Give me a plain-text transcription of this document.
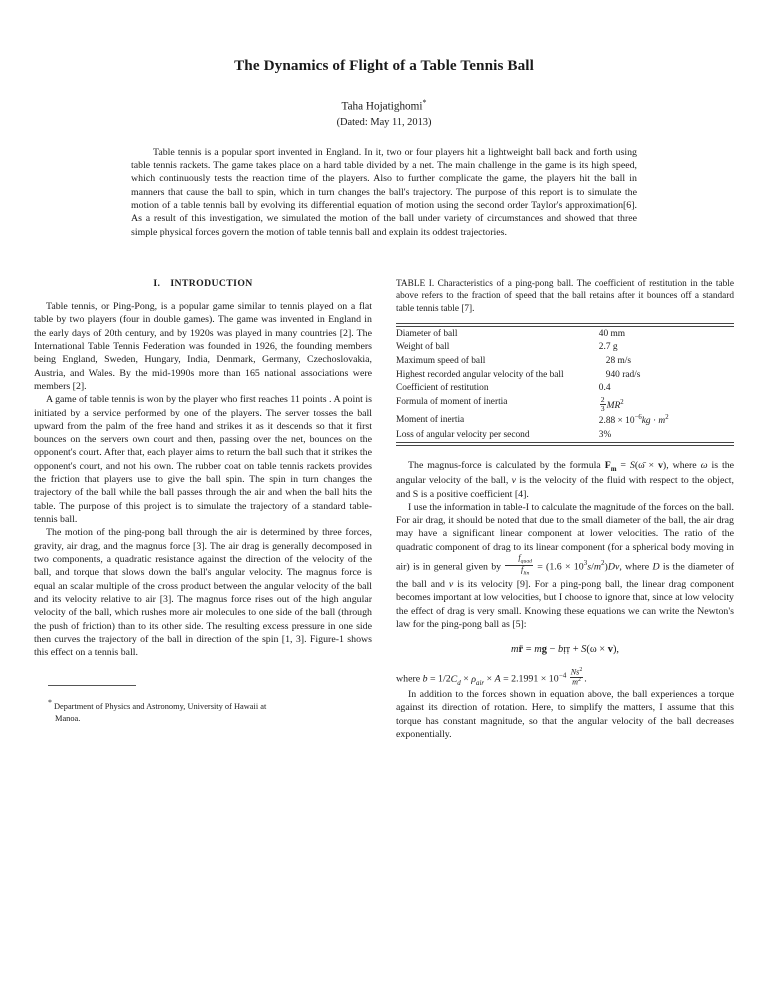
The Dynamics of Flight of a Table Tennis Ball
Taha Hojatighomi*
(Dated: May 11, 2013)
Table tennis is a popular sport invented in England. In it, two or four players hit a lightweight ball back and forth using table tennis rackets. The game takes place on a hard table divided by a net. The main challenge in the game is its high speed, which continuously tests the reaction time of the players. Also to further complicate the game, the players hit the ball in manners that cause the ball to spin, which in turn changes the ball's trajectory. The purpose of this report is to simulate the motion of a table tennis ball by evolving its differential equation of motion using the second order Taylor's approximation[6]. As a result of this investigation, we simulated the motion of the ball under variety of circumstances and showed that three simple physical forces govern the motion of table tennis ball and explain its oddest trajectories.
I. INTRODUCTION

Table tennis, or Ping-Pong, is a popular game similar to tennis played on a flat table by two players (four in double games). The game was invented in England in the early days of 20th century, and by 1920s was played in many countries [2]. The International Table Tennis Federation was founded in 1926, the founding members being England, Sweden, Hungary, India, Denmark, Germany, Czechoslovakia, Austria, and Wales. By the mid-1990s more than 165 national associations were members [2].

A game of table tennis is won by the player who first reaches 11 points . A point is initiated by a service performed by one of the players. The server tosses the ball upward from the palm of the free hand and strikes it as it descends so that it first bounces on the servers own court and then, passing over the net, bounces on the opponent's court. After that, each player aims to return the ball such that it strikes the opponent's court, and not his own. The rubber coat on table tennis rackets provides the friction that players use to give the ball spin. The spin in turn changes the trajectory of the ball while the ball passes through the air and when the ball hits the table. The purpose of this project is to simulate the trajectory of a standard table-tennis ball.

The motion of the ping-pong ball through the air is determined by three forces, gravity, air drag, and the magnus force [3]. The air drag is generally decomposed in two components, a quadratic resistance against the direction of the velocity of the ball, and torque that slows down the ball's angular velocity. The magnus force is equal an scalar multiple of the cross product between the angular velocity of the ball and its velocity relative to air [3]. The magnus force rises out of the high angular velocity of the ball, which rushes more air molecules to one side of the ball (through the push of friction) than to its other side. The resulting excess pressure in one side then curves the trajectory of the ball in direction of the spin [1, 3]. Figure-1 shows this effect on a tennis ball.

* Department of Physics and Astronomy, University of Hawaii at
Manoa.
TABLE I. Characteristics of a ping-pong ball. The coefficient of restitution in the table above refers to the fraction of speed that the ball retains after it bounces off a standard table tennis table [7].
Diameter of ball	40 mm
Weight of ball	2.7 g
Maximum speed of ball	28 m/s
Highest recorded angular velocity of the ball	940 rad/s
Coefficient of restitution	0.4
Formula of moment of inertia	$\frac{2}{3} MR^2$
Moment of inertia	$2.88 \times 10^{-6}kg \cdot m^2$
Loss of angular velocity per second	3%

The magnus-force is calculated by the formula $F_m$ = S(ω̄ × v), where ω is the angular velocity of the ball, v is the velocity of the fluid with respect to the object, and S is a positive coefficient [4].

I use the information in table-I to calculate the magnitude of the forces on the ball. For air drag, it should be noted that due to the small diameter of the ball, the air drag may have a significant linear component at lower velocities. The ratio of the quadratic component of drag to its linear component (for a spherical body moving in air) is in general given by $\frac{f_{quad}}{f_{lin}} = (1.6 \times 10^3s/m^2)Dv$, where D is the diameter of the ball and v is its velocity [9]. For a ping-pong ball, the linear drag component becomes important at low velocities, but I choose to ignore that, since at low velocity the effect of drag is very small. Knowing these equations we can write the Newton's law for the ping-pong ball as [5]:

mr̈ = mg − bṛṛ + S(ω × v),

where $b = 1/2C_d \times \rho_{air} \times A = 2.1991 \times 10^{-4} \frac{Ns^2}{m^2}$ .

In addition to the forces shown in equation above, the ball experiences a torque against its direction of rotation. Here, to simplify the matters, I assume that this torque has constant magnitude, so that the angular velocity of the ball decreases exponentially.
